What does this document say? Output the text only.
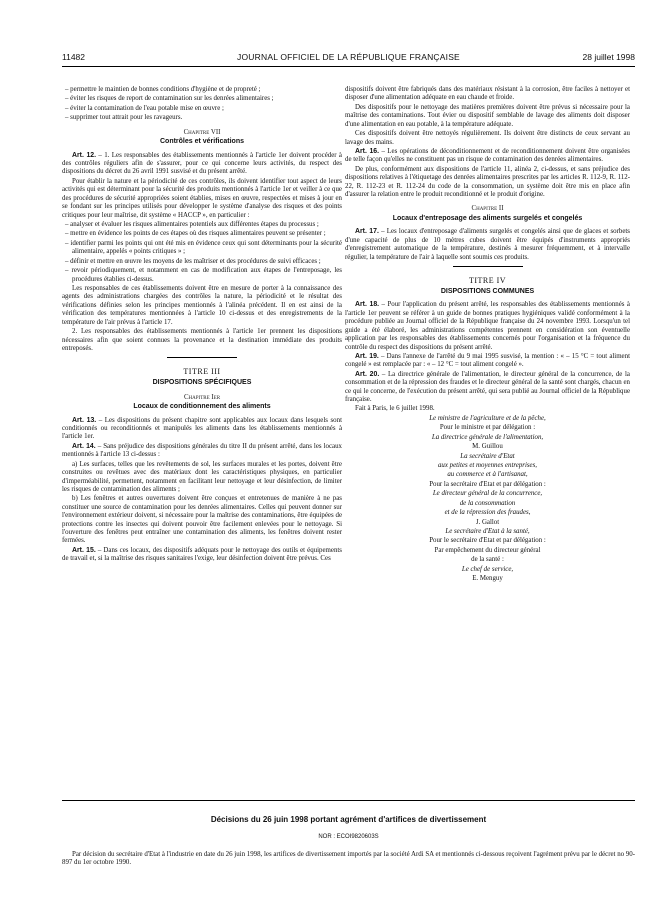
11482	JOURNAL OFFICIEL DE LA RÉPUBLIQUE FRANÇAISE	28 juillet 1998

– permettre le maintien de bonnes conditions d'hygiène et de propreté ;

– éviter les risques de report de contamination sur les denrées alimentaires ;

– éviter la contamination de l'eau potable mise en œuvre ;

– supprimer tout attrait pour les ravageurs.

Chapitre VII
Contrôles et vérifications

Art. 12. – 1. Les responsables des établissements mentionnés à l'article 1er doivent procéder à des contrôles réguliers afin de s'assurer, pour ce qui concerne leurs activités, du respect des dispositions du décret du 26 avril 1991 susvisé et du présent arrêté.

Pour établir la nature et la périodicité de ces contrôles, ils doivent identifier tout aspect de leurs activités qui est déterminant pour la sécurité des produits mentionnés à l'article 1er et veiller à ce que des procédures de sécurité appropriées soient établies, mises en œuvre, respectées et mises à jour en se fondant sur les principes utilisés pour développer le système d'analyse des risques et des points critiques pour leur maîtrise, dit système « HACCP », en particulier :

– analyser et évaluer les risques alimentaires potentiels aux différentes étapes du processus ;

– mettre en évidence les points de ces étapes où des risques alimentaires peuvent se présenter ;

– identifier parmi les points qui ont été mis en évidence ceux qui sont déterminants pour la sécurité alimentaire, appelés « points critiques » ;

– définir et mettre en œuvre les moyens de les maîtriser et des procédures de suivi efficaces ;

– revoir périodiquement, et notamment en cas de modification aux étapes de l'entreposage, les procédures établies ci-dessus.

Les responsables de ces établissements doivent être en mesure de porter à la connaissance des agents des administrations chargées des contrôles la nature, la périodicité et le résultat des vérifications définies selon les principes mentionnés à l'alinéa précédent. Il en est ainsi de la vérification des températures mentionnées à l'article 10 ci-dessus et des enregistrements de la température de l'air prévus à l'article 17.

2. Les responsables des établissements mentionnés à l'article 1er prennent les dispositions nécessaires afin que soient connues la provenance et la destination immédiate des produits entreposés.

TITRE III
DISPOSITIONS SPÉCIFIQUES
Chapitre Ier
Locaux de conditionnement des aliments

Art. 13. – Les dispositions du présent chapitre sont applicables aux locaux dans lesquels sont conditionnés ou reconditionnés et manipulés les aliments dans les établissements mentionnés à l'article 1er.

Art. 14. – Sans préjudice des dispositions générales du titre II du présent arrêté, dans les locaux mentionnés à l'article 13 ci-dessus :

a) Les surfaces, telles que les revêtements de sol, les surfaces murales et les portes, doivent être construites ou revêtues avec des matériaux dont les caractéristiques physiques, en particulier d'imperméabilité, permettent, notamment en facilitant leur nettoyage et leur désinfection, de limiter les risques de contamination des aliments ;

b) Les fenêtres et autres ouvertures doivent être conçues et entretenues de manière à ne pas constituer une source de contamination pour les denrées alimentaires. Celles qui peuvent donner sur l'environnement extérieur doivent, si nécessaire pour la maîtrise des contaminations, être équipées de protections contre les insectes qui doivent pouvoir être facilement enlevées pour le nettoyage. Si l'ouverture des fenêtres peut entraîner une contamination des aliments, les fenêtres doivent rester fermées.

Art. 15. – Dans ces locaux, des dispositifs adéquats pour le nettoyage des outils et équipements de travail et, si la maîtrise des risques sanitaires l'exige, leur désinfection doivent être prévus. Ces

dispositifs doivent être fabriqués dans des matériaux résistant à la corrosion, être faciles à nettoyer et disposer d'une alimentation adéquate en eau chaude et froide.

Des dispositifs pour le nettoyage des matières premières doivent être prévus si nécessaire pour la maîtrise des contaminations. Tout évier ou dispositif semblable de lavage des aliments doit disposer d'une alimentation en eau potable, à la température adéquate.

Ces dispositifs doivent être nettoyés régulièrement. Ils doivent être distincts de ceux servant au lavage des mains.

Art. 16. – Les opérations de déconditionnement et de reconditionnement doivent être organisées de telle façon qu'elles ne constituent pas un risque de contamination des denrées alimentaires.

De plus, conformément aux dispositions de l'article 11, alinéa 2, ci-dessus, et sans préjudice des dispositions relatives à l'étiquetage des denrées alimentaires prescrites par les articles R. 112-9, R. 112-22, R. 112-23 et R. 112-24 du code de la consommation, un système doit être mis en place afin d'assurer la relation entre le produit reconditionné et le produit d'origine.

Chapitre II
Locaux d'entreposage des aliments surgelés et congelés

Art. 17. – Les locaux d'entreposage d'aliments surgelés et congelés ainsi que de glaces et sorbets d'une capacité de plus de 10 mètres cubes doivent être équipés d'instruments appropriés d'enregistrement automatique de la température, destinés à mesurer fréquemment, et à intervalle régulier, la température de l'air à laquelle sont soumis ces produits.

TITRE IV
DISPOSITIONS COMMUNES

Art. 18. – Pour l'application du présent arrêté, les responsables des établissements mentionnés à l'article 1er peuvent se référer à un guide de bonnes pratiques hygiéniques validé conformément à la procédure publiée au Journal officiel de la République française du 24 novembre 1993. Lorsqu'un tel guide a été élaboré, les administrations compétentes prennent en considération son éventuelle application par les responsables des établissements concernés pour l'organisation et la fréquence du contrôle du respect des dispositions du présent arrêté.

Art. 19. – Dans l'annexe de l'arrêté du 9 mai 1995 susvisé, la mention : « – 15 °C = tout aliment congelé » est remplacée par : « – 12 °C = tout aliment congelé ».

Art. 20. – La directrice générale de l'alimentation, le directeur général de la concurrence, de la consommation et de la répression des fraudes et le directeur général de la santé sont chargés, chacun en ce qui le concerne, de l'exécution du présent arrêté, qui sera publié au Journal officiel de la République française.

Fait à Paris, le 6 juillet 1998.

Le ministre de l'agriculture et de la pêche,

Pour le ministre et par délégation :

La directrice générale de l'alimentation,

M. Guillou

La secrétaire d'Etat

aux petites et moyennes entreprises,

au commerce et à l'artisanat,

Pour la secrétaire d'Etat et par délégation :

Le directeur général de la concurrence,

de la consommation

et de la répression des fraudes,

J. Gallot

Le secrétaire d'Etat à la santé,

Pour le secrétaire d'Etat et par délégation :

Par empêchement du directeur général

de la santé :

Le chef de service,

E. Menguy

Décisions du 26 juin 1998 portant agrément d'artifices de divertissement
NOR : ECOI9820603S
Par décision du secrétaire d'Etat à l'industrie en date du 26 juin 1998, les artifices de divertissement importés par la société Ardi SA et mentionnés ci-dessous reçoivent l'agrément prévu par le décret no 90-897 du 1er octobre 1990.
